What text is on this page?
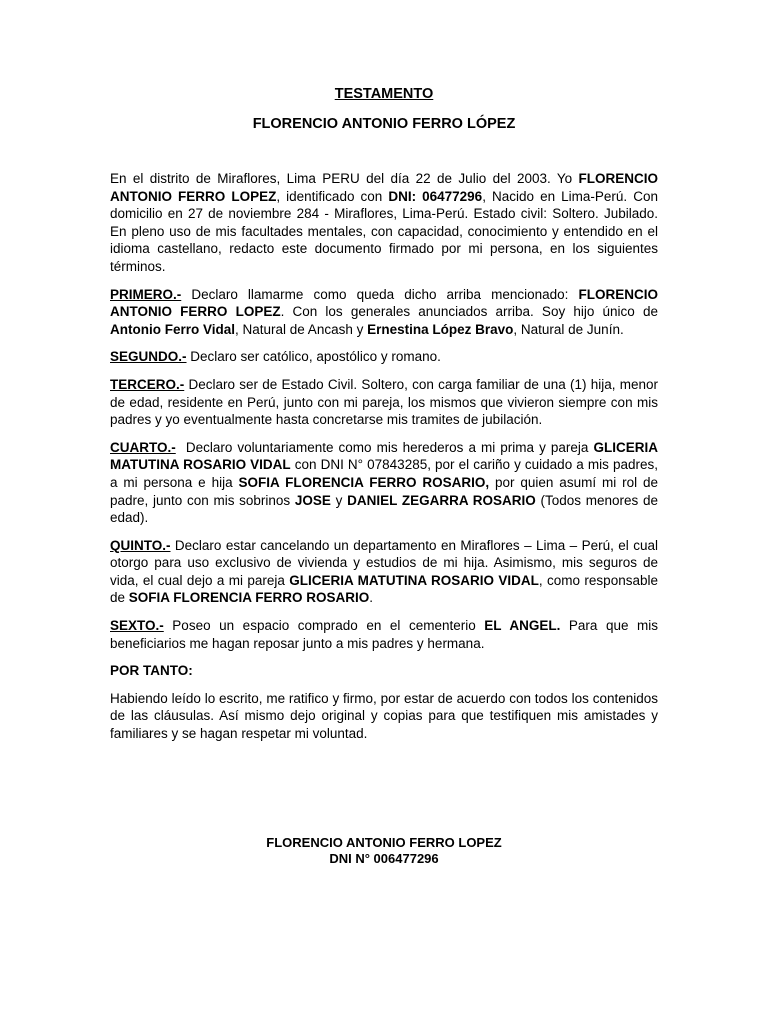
TESTAMENTO
FLORENCIO ANTONIO FERRO LÓPEZ

En el distrito de Miraflores, Lima PERU del día 22 de Julio del 2003. Yo FLORENCIO ANTONIO FERRO LOPEZ, identificado con DNI: 06477296, Nacido en Lima-Perú. Con domicilio en 27 de noviembre 284 - Miraflores, Lima-Perú. Estado civil: Soltero. Jubilado. En pleno uso de mis facultades mentales, con capacidad, conocimiento y entendido en el idioma castellano, redacto este documento firmado por mi persona, en los siguientes términos.

PRIMERO.- Declaro llamarme como queda dicho arriba mencionado: FLORENCIO ANTONIO FERRO LOPEZ. Con los generales anunciados arriba. Soy hijo único de Antonio Ferro Vidal, Natural de Ancash y Ernestina López Bravo, Natural de Junín.

SEGUNDO.- Declaro ser católico, apostólico y romano.

TERCERO.- Declaro ser de Estado Civil. Soltero, con carga familiar de una (1) hija, menor de edad, residente en Perú, junto con mi pareja, los mismos que vivieron siempre con mis padres y yo eventualmente hasta concretarse mis tramites de jubilación.

CUARTO.-  Declaro voluntariamente como mis herederos a mi prima y pareja GLICERIA MATUTINA ROSARIO VIDAL con DNI N° 07843285, por el cariño y cuidado a mis padres, a mi persona e hija SOFIA FLORENCIA FERRO ROSARIO, por quien asumí mi rol de padre, junto con mis sobrinos JOSE y DANIEL ZEGARRA ROSARIO (Todos menores de edad).

QUINTO.- Declaro estar cancelando un departamento en Miraflores – Lima – Perú, el cual otorgo para uso exclusivo de vivienda y estudios de mi hija. Asimismo, mis seguros de vida, el cual dejo a mi pareja GLICERIA MATUTINA ROSARIO VIDAL, como responsable de SOFIA FLORENCIA FERRO ROSARIO.

SEXTO.- Poseo un espacio comprado en el cementerio EL ANGEL. Para que mis beneficiarios me hagan reposar junto a mis padres y hermana.

POR TANTO:

Habiendo leído lo escrito, me ratifico y firmo, por estar de acuerdo con todos los contenidos de las cláusulas. Así mismo dejo original y copias para que testifiquen mis amistades y familiares y se hagan respetar mi voluntad.

FLORENCIO ANTONIO FERRO LOPEZ
DNI N° 006477296
